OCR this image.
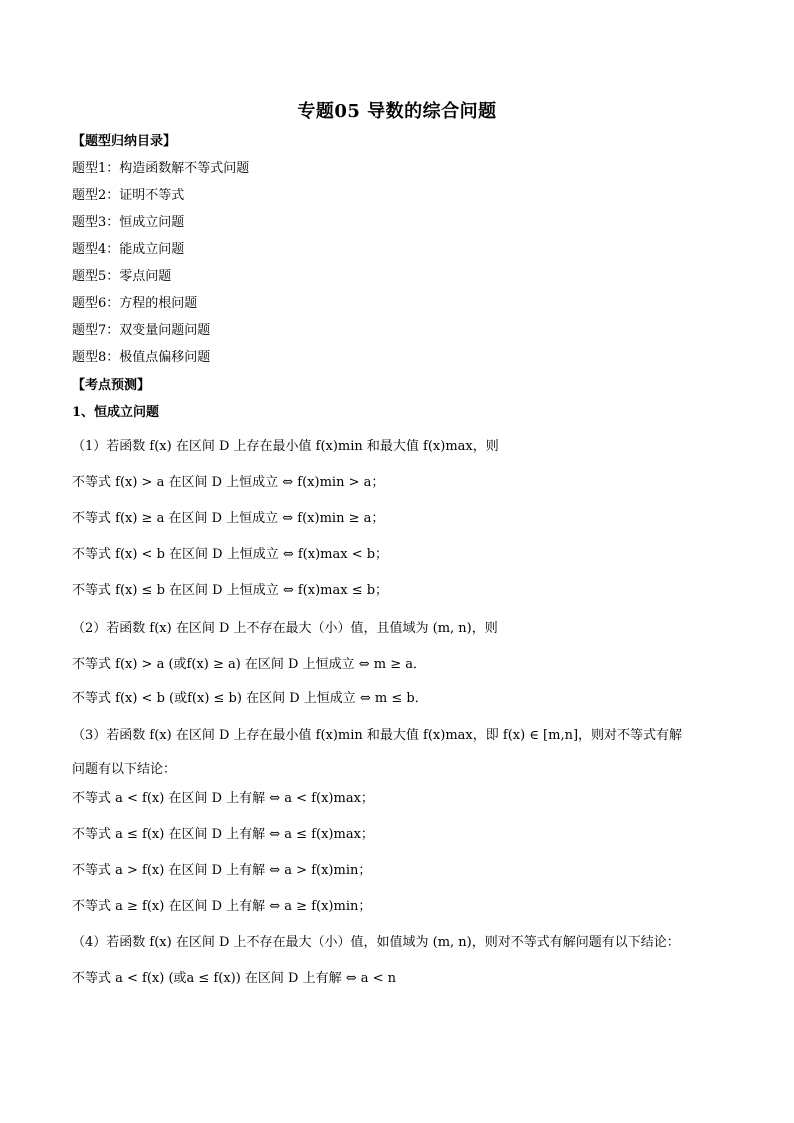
专题05 导数的综合问题
【题型归纳目录】
题型1：构造函数解不等式问题
题型2：证明不等式
题型3：恒成立问题
题型4：能成立问题
题型5：零点问题
题型6：方程的根问题
题型7：双变量问题问题
题型8：极值点偏移问题
【考点预测】
1、恒成立问题
（1）若函数 f(x) 在区间 D 上存在最小值 f(x)min 和最大值 f(x)max，则
不等式 f(x) > a 在区间 D 上恒成立 ⇔ f(x)min > a；
不等式 f(x) ≥ a 在区间 D 上恒成立 ⇔ f(x)min ≥ a；
不等式 f(x) < b 在区间 D 上恒成立 ⇔ f(x)max < b；
不等式 f(x) ≤ b 在区间 D 上恒成立 ⇔ f(x)max ≤ b；
（2）若函数 f(x) 在区间 D 上不存在最大（小）值，且值域为 (m, n)，则
不等式 f(x) > a (或f(x) ≥ a) 在区间 D 上恒成立 ⇔ m ≥ a．
不等式 f(x) < b (或f(x) ≤ b) 在区间 D 上恒成立 ⇔ m ≤ b．
（3）若函数 f(x) 在区间 D 上存在最小值 f(x)min 和最大值 f(x)max，即 f(x) ∈ [m,n]，则对不等式有解
问题有以下结论：
不等式 a < f(x) 在区间 D 上有解 ⇔ a < f(x)max；
不等式 a ≤ f(x) 在区间 D 上有解 ⇔ a ≤ f(x)max；
不等式 a > f(x) 在区间 D 上有解 ⇔ a > f(x)min；
不等式 a ≥ f(x) 在区间 D 上有解 ⇔ a ≥ f(x)min；
（4）若函数 f(x) 在区间 D 上不存在最大（小）值，如值域为 (m, n)，则对不等式有解问题有以下结论：
不等式 a < f(x) (或a ≤ f(x)) 在区间 D 上有解 ⇔ a < n
